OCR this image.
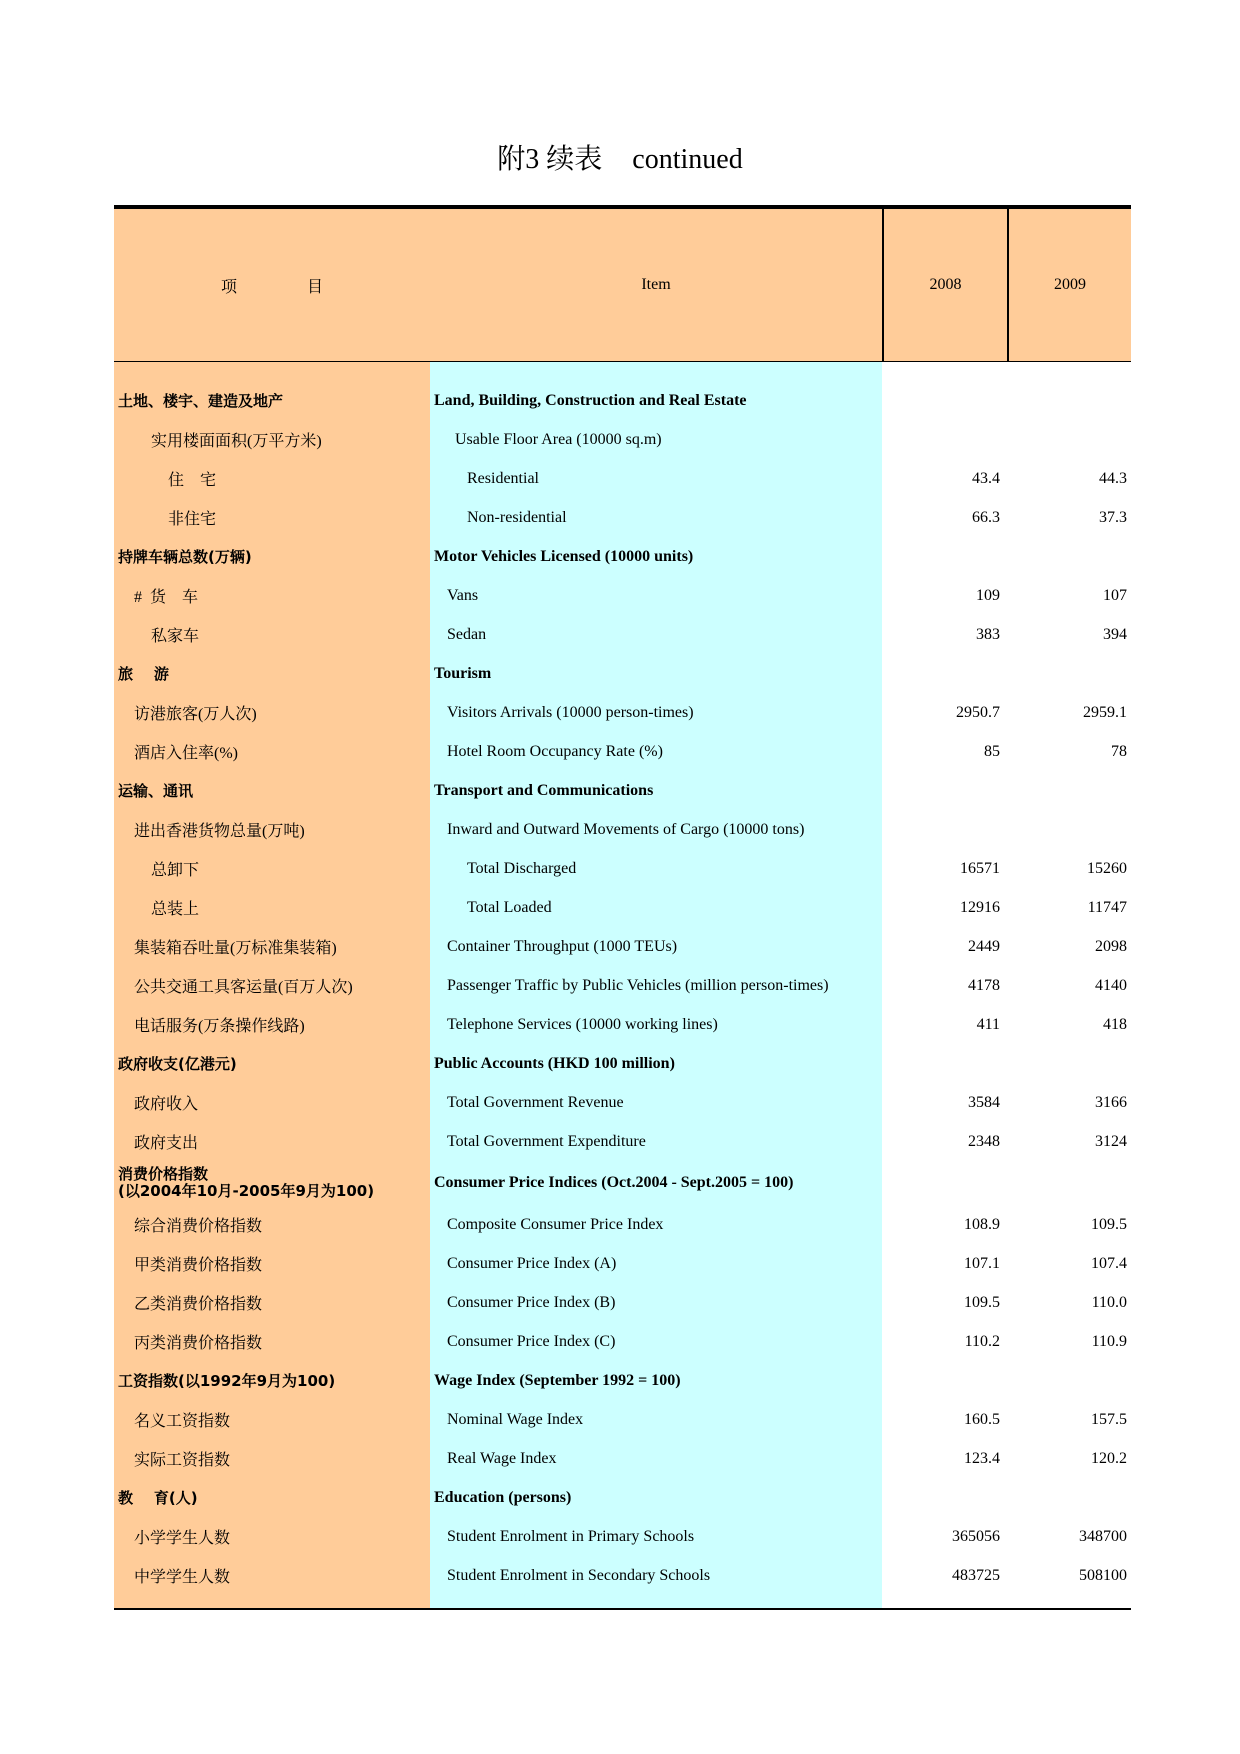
附3 续表 continued
项	目	Item	2008	2009
土地、楼宇、建造及地产	Land, Building, Construction and Real Estate
实用楼面面积(万平方米)	Usable Floor Area (10000 sq.m)
住    宅	Residential	43.4	44.3
非住宅	Non-residential	66.3	37.3
持牌车辆总数(万辆)	Motor Vehicles Licensed (10000 units)
#  货    车	Vans	109	107
私家车	Sedan	383	394
旅    游	Tourism
访港旅客(万人次)	Visitors Arrivals (10000 person-times)	2950.7	2959.1
酒店入住率(%)	Hotel Room Occupancy Rate (%)	85	78
运输、通讯	Transport and Communications
进出香港货物总量(万吨)	Inward and Outward Movements of Cargo (10000 tons)
总卸下	Total Discharged	16571	15260
总装上	Total Loaded	12916	11747
集装箱吞吐量(万标准集装箱)	Container Throughput (1000 TEUs)	2449	2098
公共交通工具客运量(百万人次)	Passenger Traffic by Public Vehicles (million person-times)	4178	4140
电话服务(万条操作线路)	Telephone Services (10000 working lines)	411	418
政府收支(亿港元)	Public Accounts (HKD 100 million)
政府收入	Total Government Revenue	3584	3166
政府支出	Total Government Expenditure	2348	3124
消费价格指数
(以2004年10月-2005年9月为100)	Consumer Price Indices (Oct.2004 - Sept.2005 = 100)
综合消费价格指数	Composite Consumer Price Index	108.9	109.5
甲类消费价格指数	Consumer Price Index (A)	107.1	107.4
乙类消费价格指数	Consumer Price Index (B)	109.5	110.0
丙类消费价格指数	Consumer Price Index (C)	110.2	110.9
工资指数(以1992年9月为100)	Wage Index (September 1992 = 100)
名义工资指数	Nominal Wage Index	160.5	157.5
实际工资指数	Real Wage Index	123.4	120.2
教    育(人)	Education (persons)
小学学生人数	Student Enrolment in Primary Schools	365056	348700
中学学生人数	Student Enrolment in Secondary Schools	483725	508100
